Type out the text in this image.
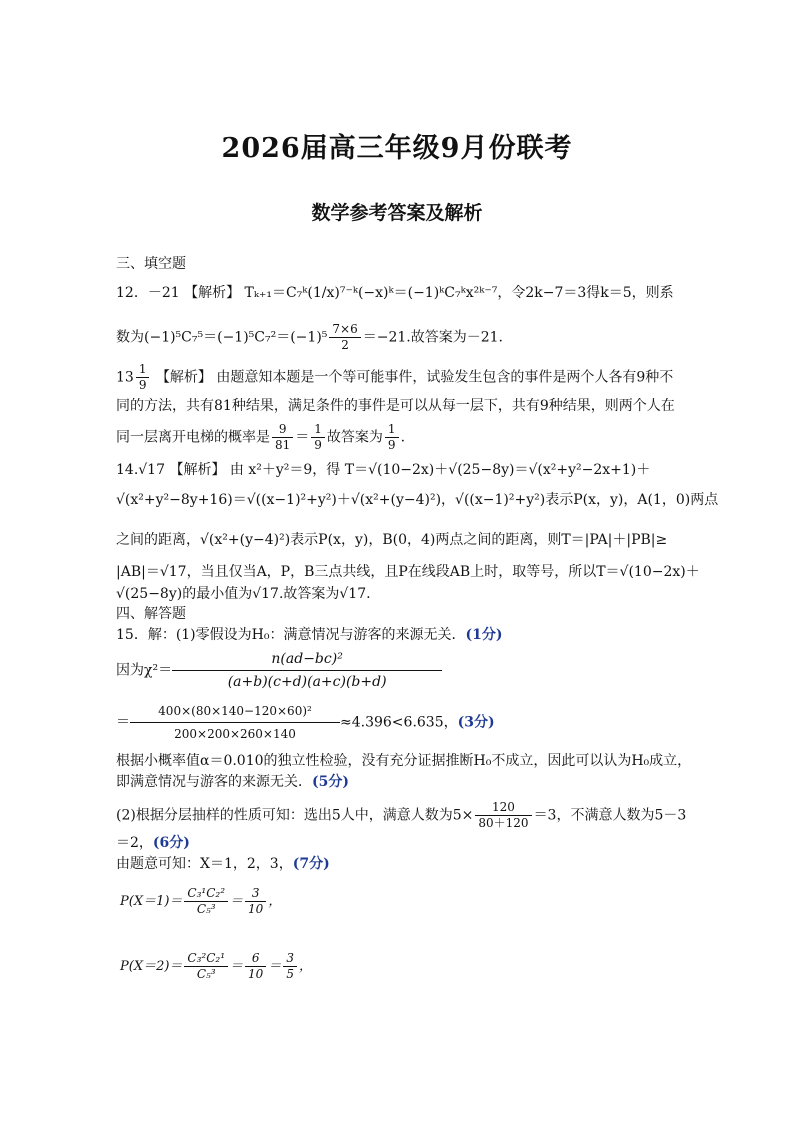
2026届高三年级9月份联考
数学参考答案及解析
三、填空题
12．－21 【解析】 Tₖ₊₁＝C₇ᵏ(1/x)⁷⁻ᵏ(−x)ᵏ＝(−1)ᵏC₇ᵏx²ᵏ⁻⁷，令2k−7＝3得k＝5，则系
数为$(-1)^5C_7^5=(-1)^5C_7^2=(-1)^5 \frac{7\times 6}{2} =-21$.故答案为－21.
$13 \frac{1}{9}$ 【解析】 由题意知本题是一个等可能事件，试验发生包含的事件是两个人各有9种不
同的方法，共有81种结果，满足条件的事件是可以从每一层下，共有9种结果，则两个人在
同一层离开电梯的概率是 $\frac{9}{81} = \frac{1}{9}$ 故答案为 $\frac{1}{9}$ .
14.√17 【解析】 由 x²＋y²＝9，得 T＝√(10−2x)＋√(25−8y)＝√(x²+y²−2x+1)＋
√(x²+y²−8y+16)＝√((x−1)²+y²)＋√(x²+(y−4)²)，√((x−1)²+y²)表示P(x，y)，A(1，0)两点
之间的距离，√(x²+(y−4)²)表示P(x，y)，B(0，4)两点之间的距离，则T＝|PA|＋|PB|≥
|AB|＝√17，当且仅当A，P，B三点共线，且P在线段AB上时，取等号，所以T＝√(10−2x)＋
√(25−8y)的最小值为√17.故答案为√17.
四、解答题
15．解：(1)零假设为H₀：满意情况与游客的来源无关．(1分)
因为$\chi^2= \frac{\text{n(ad−bc)²}}{(a+b)(c+d)(a+c)(b+d)}$
＝ $\frac{\text{400×(80×140−120×60)²}}{200\times 200\times 260\times 140} \approx 4.396<6.635$，(3分)
根据小概率值α＝0.010的独立性检验，没有充分证据推断H₀不成立，因此可以认为H₀成立，
即满意情况与游客的来源无关．(5分)
(2)根据分层抽样的性质可知：选出5人中，满意人数为$5\times \frac{120}{80+120} =3$，不满意人数为5－3
＝2，(6分)
由题意可知：X＝1，2，3，(7分)
$P(X=1)= \frac{\text{C₃¹C₂²}}{\text{C₅³}} = \frac{3}{10}$ ，
$P(X=2)= \frac{\text{C₃²C₂¹}}{\text{C₅³}} = \frac{6}{10} = \frac{3}{5}$ ，
